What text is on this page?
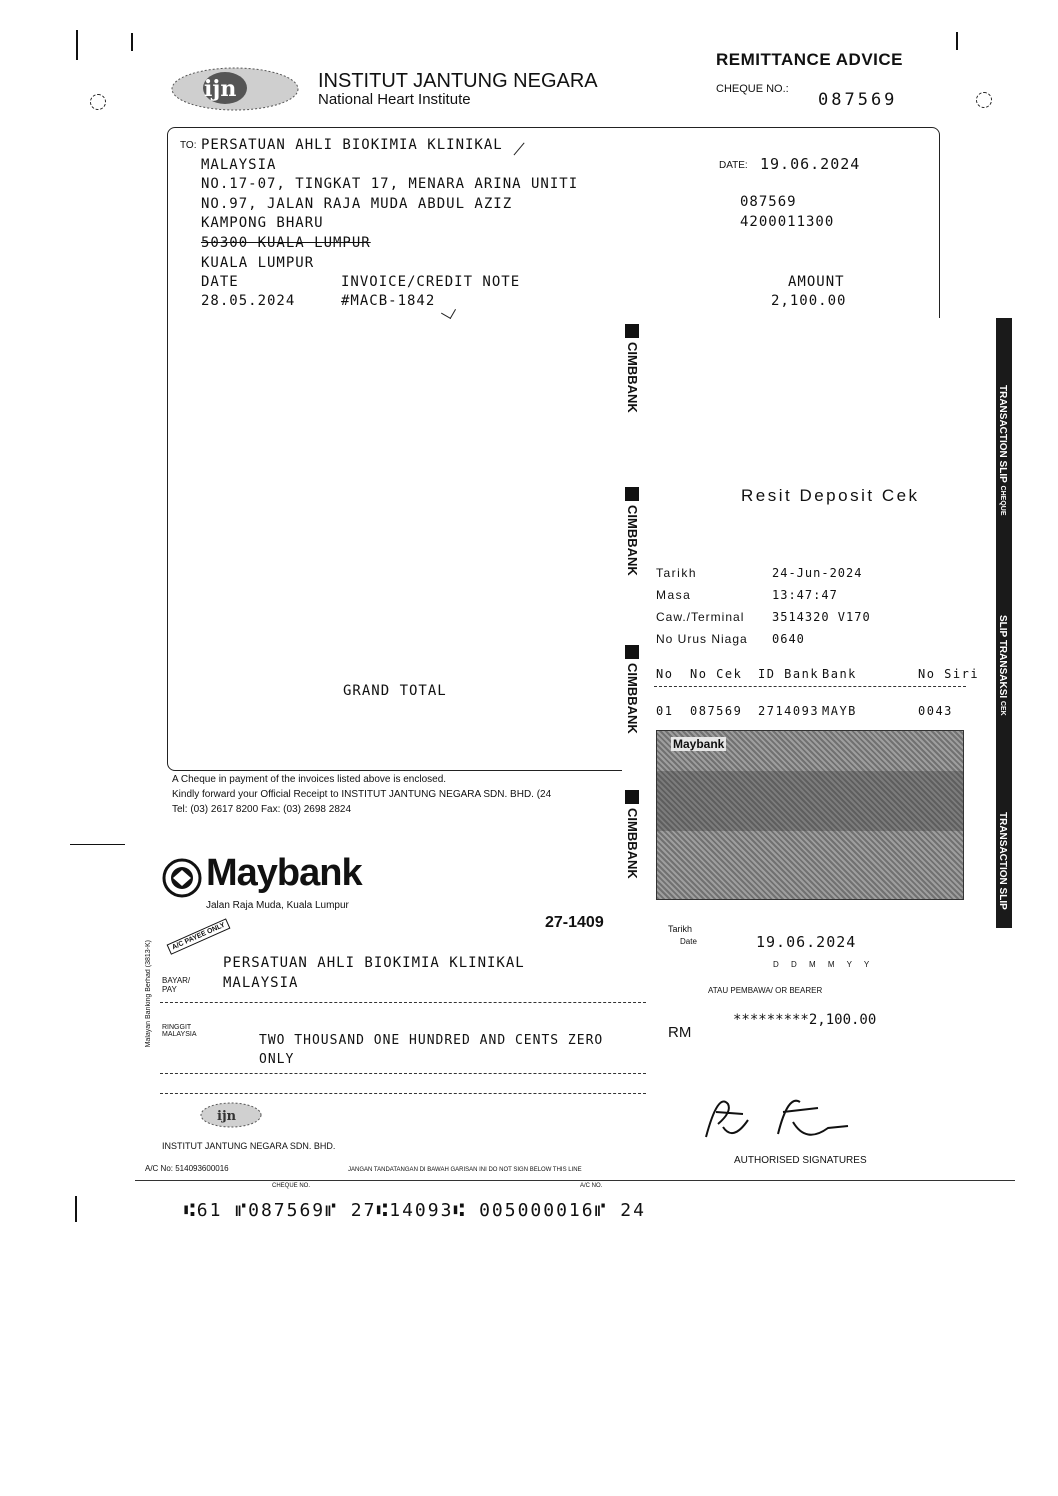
ijn	INSTITUT JANTUNG NEGARA
National Heart Institute
REMITTANCE ADVICE
CHEQUE NO.:
087569
TO: PERSATUAN AHLI BIOKIMIA KLINIKAL
MALAYSIA
NO.17-07, TINGKAT 17, MENARA ARINA UNITI
NO.97, JALAN RAJA MUDA ABDUL AZIZ
KAMPONG BHARU
50300 KUALA LUMPUR
KUALA LUMPUR
DATE: 19.06.2024
087569
4200011300
DATE	INVOICE/CREDIT NOTE	AMOUNT
28.05.2024	#MACB-1842	2,100.00
GRAND TOTAL
A Cheque in payment of the invoices listed above is enclosed.
Kindly forward your Official Receipt to INSTITUT JANTUNG NEGARA SDN. BHD. (24
Tel: (03) 2617 8200 Fax: (03) 2698 2824
CIMBBANK
CIMBBANK
CIMBBANK
CIMBBANK
TRANSACTION SLIP CHEQUE
SLIP TRANSAKSI CEK
TRANSACTION SLIP
Resit Deposit Cek
Tarikh	24-Jun-2024
Masa	13:47:47
Caw./Terminal 3514320 V170
No Urus Niaga 0640
No No Cek ID Bank Bank	No Siri
01 087569 2714093 MAYB	0043
Maybank
Maybank
Jalan Raja Muda, Kuala Lumpur
27-1409
A/C PAYEE ONLY
Malayan Banking Berhad (3813-K)
Tarikh
Date	19.06.2024
D D M M Y Y
PERSATUAN AHLI BIOKIMIA KLINIKAL
BAYAR/ PAY	MALAYSIA	ATAU PEMBAWA/ OR BEARER
RINGGIT MALAYSIA	TWO THOUSAND ONE HUNDRED AND CENTS ZERO
ONLY
RM
*********2,100.00
ijn
INSTITUT JANTUNG NEGARA SDN. BHD.
AUTHORISED SIGNATURES
A/C No: 514093600016	JANGAN TANDATANGAN DI BAWAH GARISAN INI DO NOT SIGN BELOW THIS LINE
CHEQUE NO.	A/C NO.
⑆61 ⑈087569⑈ 27⑆14093⑆ 005000016⑈ 24
